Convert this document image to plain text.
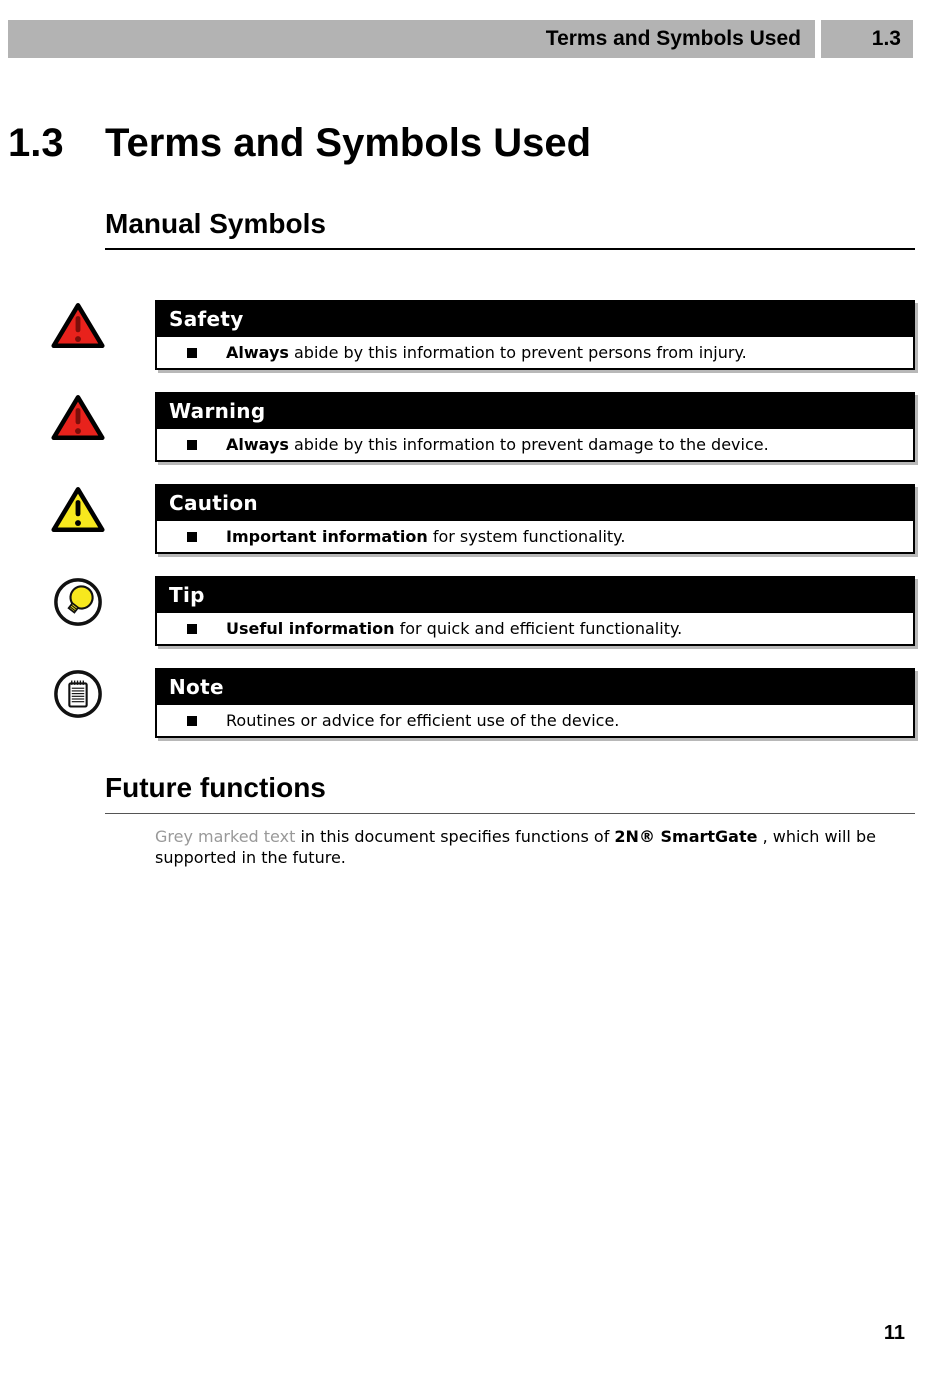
Terms and Symbols Used	1.3
1.3	Terms and Symbols Used
Manual Symbols
Safety
Always abide by this information to prevent persons from injury.
Warning
Always abide by this information to prevent damage to the device.
Caution
Important information for system functionality.
Tip
Useful information for quick and efficient functionality.
Note
Routines or advice for efficient use of the device.
Future functions
Grey marked text in this document specifies functions of 2N® SmartGate , which will be supported in the future.
11
